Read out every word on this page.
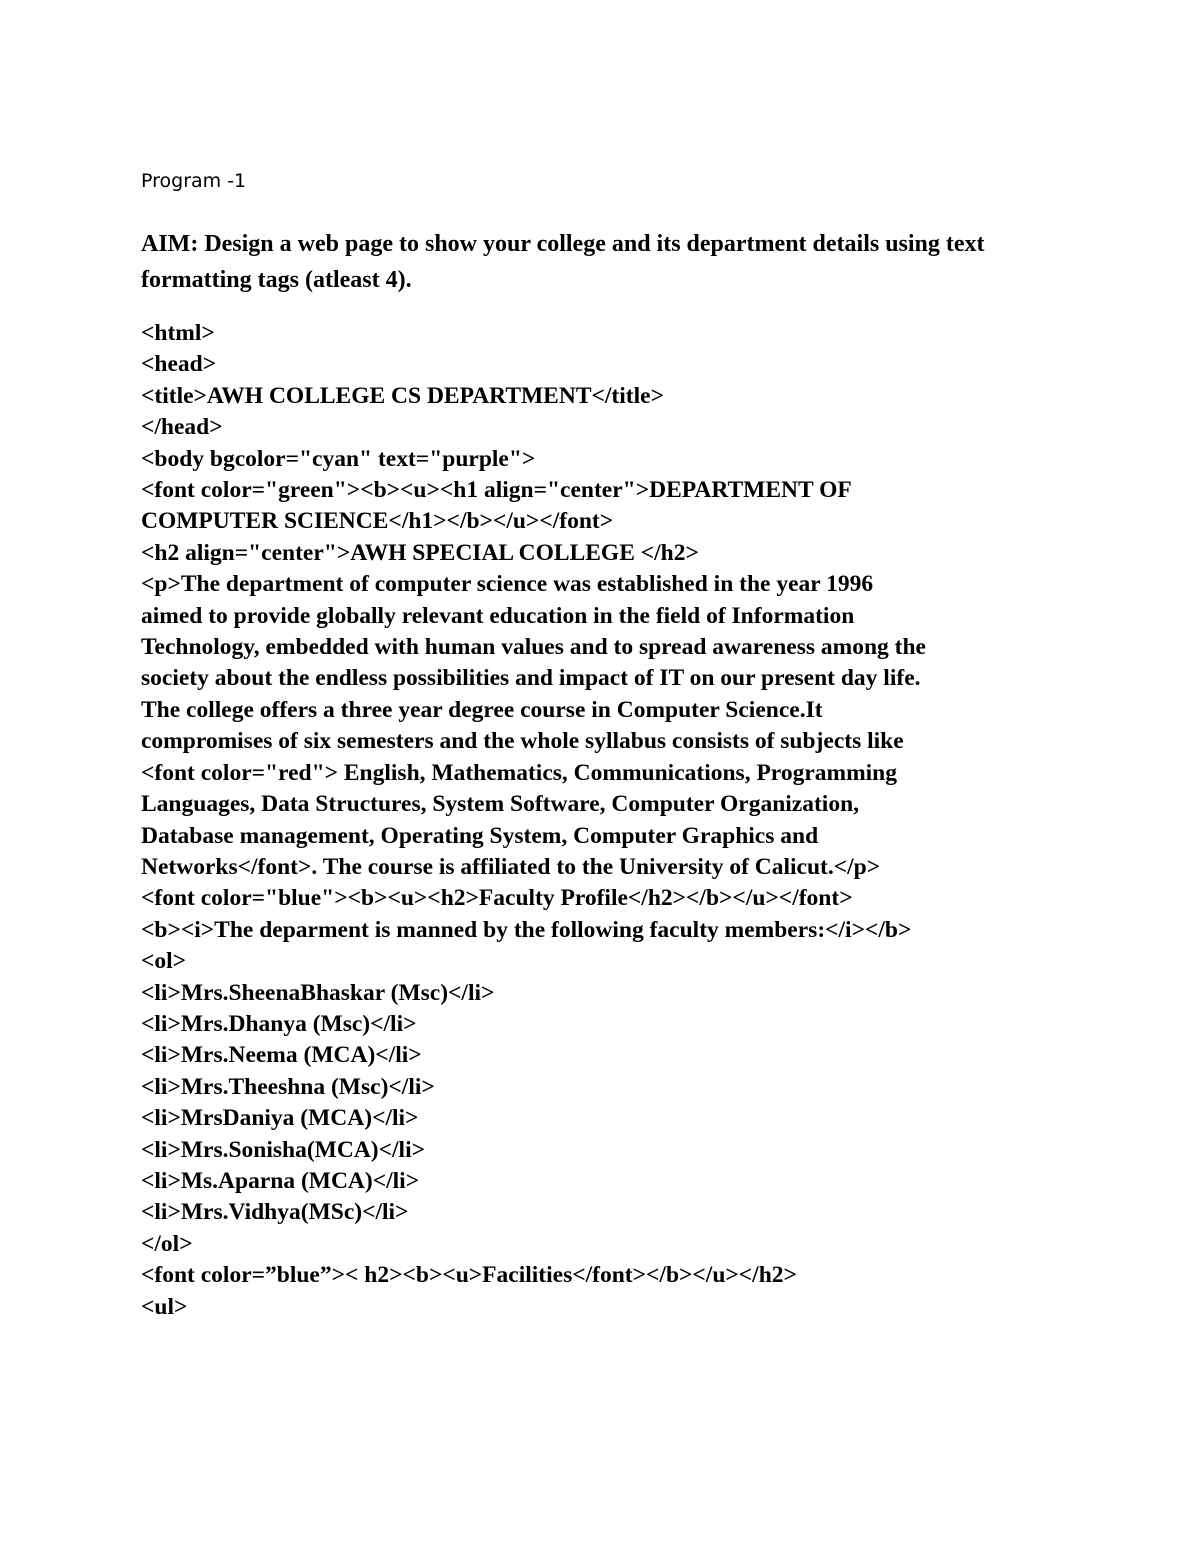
Program -1
AIM: Design a web page to show your college and its department details using text formatting tags (atleast 4).
<html>
<head>
<title>AWH COLLEGE CS DEPARTMENT</title>
</head>
<body bgcolor="cyan" text="purple">
<font color="green"><b><u><h1 align="center">DEPARTMENT OF
COMPUTER SCIENCE</h1></b></u></font>
<h2 align="center">AWH SPECIAL COLLEGE </h2>
<p>The department of computer science was established in the year 1996
aimed to provide globally relevant education in the field of Information
Technology, embedded with human values and to spread awareness among the
society about the endless possibilities and impact of IT on our present day life.
The college offers a three year degree course in Computer Science.It
compromises of six semesters and the whole syllabus consists of subjects like
<font color="red"> English, Mathematics, Communications, Programming
Languages, Data Structures, System Software, Computer Organization,
Database management, Operating System, Computer Graphics and
Networks</font>. The course is affiliated to the University of Calicut.</p>
<font color="blue"><b><u><h2>Faculty Profile</h2></b></u></font>
<b><i>The deparment is manned by the following faculty members:</i></b>
<ol>
<li>Mrs.SheenaBhaskar (Msc)</li>
<li>Mrs.Dhanya (Msc)</li>
<li>Mrs.Neema (MCA)</li>
<li>Mrs.Theeshna (Msc)</li>
<li>MrsDaniya (MCA)</li>
<li>Mrs.Sonisha(MCA)</li>
<li>Ms.Aparna (MCA)</li>
<li>Mrs.Vidhya(MSc)</li>
</ol>
<font color=”blue”>< h2><b><u>Facilities</font></b></u></h2>
<ul>
